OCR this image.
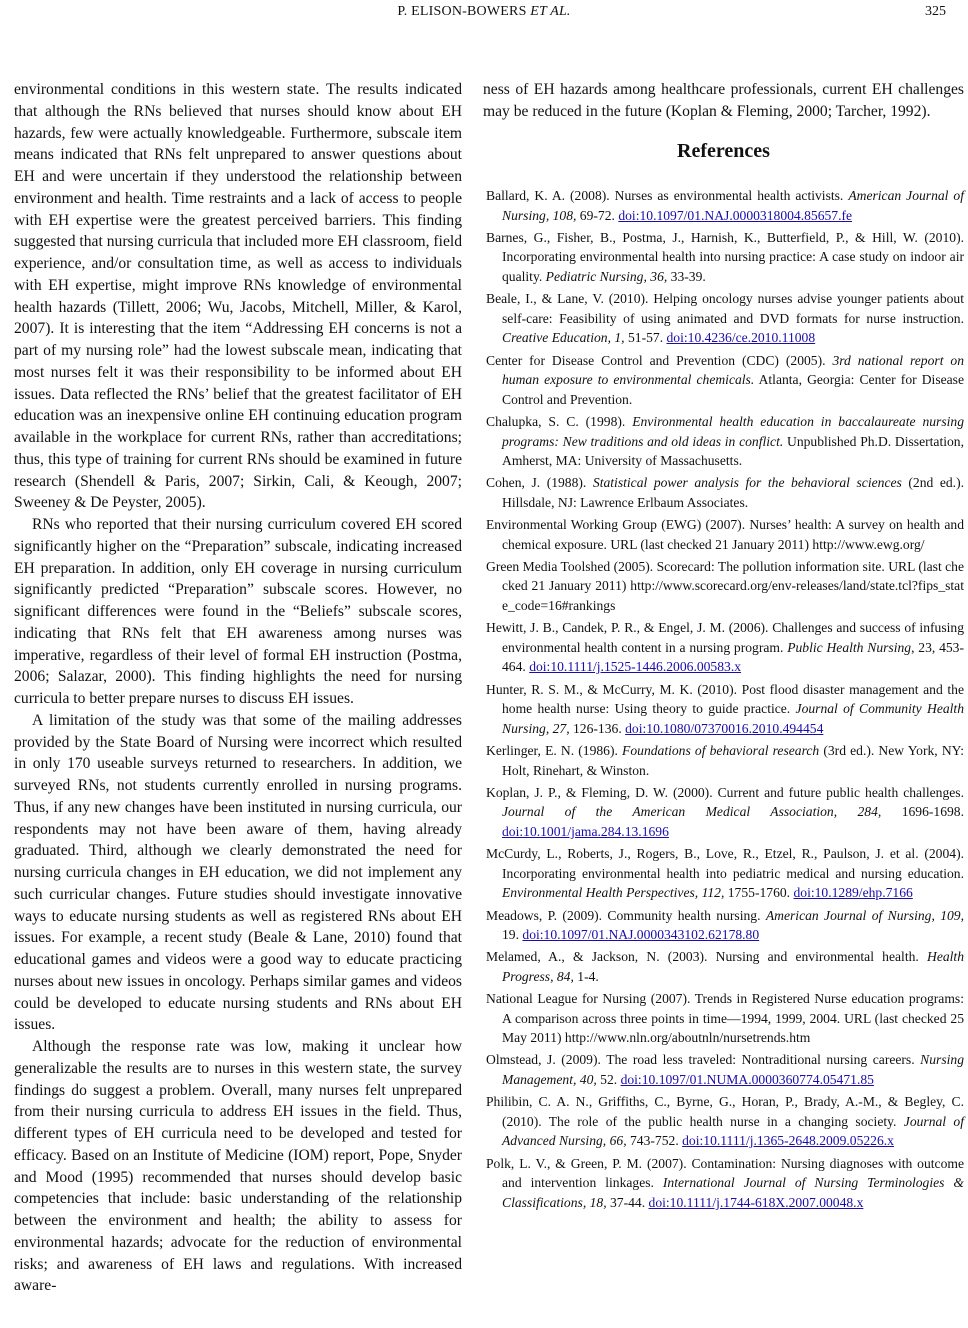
P. ELISON-BOWERS ET AL.	325

environmental conditions in this western state. The results indicated that although the RNs believed that nurses should know about EH hazards, few were actually knowledgeable. Furthermore, subscale item means indicated that RNs felt unprepared to answer questions about EH and were uncertain if they understood the relationship between environment and health. Time restraints and a lack of access to people with EH expertise were the greatest perceived barriers. This finding suggested that nursing curricula that included more EH classroom, field experience, and/or consultation time, as well as access to individuals with EH expertise, might improve RNs knowledge of environmental health hazards (Tillett, 2006; Wu, Jacobs, Mitchell, Miller, & Karol, 2007). It is interesting that the item “Addressing EH concerns is not a part of my nursing role” had the lowest subscale mean, indicating that most nurses felt it was their responsibility to be informed about EH issues. Data reflected the RNs’ belief that the greatest facilitator of EH education was an inexpensive online EH continuing education program available in the workplace for current RNs, rather than accreditations; thus, this type of training for current RNs should be examined in future research (Shendell & Paris, 2007; Sirkin, Cali, & Keough, 2007; Sweeney & De Peyster, 2005).

RNs who reported that their nursing curriculum covered EH scored significantly higher on the “Preparation” subscale, indicating increased EH preparation. In addition, only EH coverage in nursing curriculum significantly predicted “Preparation” subscale scores. However, no significant differences were found in the “Beliefs” subscale scores, indicating that RNs felt that EH awareness among nurses was imperative, regardless of their level of formal EH instruction (Postma, 2006; Salazar, 2000). This finding highlights the need for nursing curricula to better prepare nurses to discuss EH issues.

A limitation of the study was that some of the mailing addresses provided by the State Board of Nursing were incorrect which resulted in only 170 useable surveys returned to researchers. In addition, we surveyed RNs, not students currently enrolled in nursing programs. Thus, if any new changes have been instituted in nursing curricula, our respondents may not have been aware of them, having already graduated. Third, although we clearly demonstrated the need for nursing curricula changes in EH education, we did not implement any such curricular changes. Future studies should investigate innovative ways to educate nursing students as well as registered RNs about EH issues. For example, a recent study (Beale & Lane, 2010) found that educational games and videos were a good way to educate practicing nurses about new issues in oncology. Perhaps similar games and videos could be developed to educate nursing students and RNs about EH issues.

Although the response rate was low, making it unclear how generalizable the results are to nurses in this western state, the survey findings do suggest a problem. Overall, many nurses felt unprepared from their nursing curricula to address EH issues in the field. Thus, different types of EH curricula need to be developed and tested for efficacy. Based on an Institute of Medicine (IOM) report, Pope, Snyder and Mood (1995) recommended that nurses should develop basic competencies that include: basic understanding of the relationship between the environment and health; the ability to assess for environmental hazards; advocate for the reduction of environmental risks; and awareness of EH laws and regulations. With increased aware-

ness of EH hazards among healthcare professionals, current EH challenges may be reduced in the future (Koplan & Fleming, 2000; Tarcher, 1992).

References
Ballard, K. A. (2008). Nurses as environmental health activists. American Journal of Nursing, 108, 69-72. doi:10.1097/01.NAJ.0000318004.85657.fe
Barnes, G., Fisher, B., Postma, J., Harnish, K., Butterfield, P., & Hill, W. (2010). Incorporating environmental health into nursing practice: A case study on indoor air quality. Pediatric Nursing, 36, 33-39.
Beale, I., & Lane, V. (2010). Helping oncology nurses advise younger patients about self-care: Feasibility of using animated and DVD formats for nurse instruction. Creative Education, 1, 51-57. doi:10.4236/ce.2010.11008
Center for Disease Control and Prevention (CDC) (2005). 3rd national report on human exposure to environmental chemicals. Atlanta, Georgia: Center for Disease Control and Prevention.
Chalupka, S. C. (1998). Environmental health education in baccalaureate nursing programs: New traditions and old ideas in conflict. Unpublished Ph.D. Dissertation, Amherst, MA: University of Massachusetts.
Cohen, J. (1988). Statistical power analysis for the behavioral sciences (2nd ed.). Hillsdale, NJ: Lawrence Erlbaum Associates.
Environmental Working Group (EWG) (2007). Nurses’ health: A survey on health and chemical exposure. URL (last checked 21 January 2011) http://www.ewg.org/
Green Media Toolshed (2005). Scorecard: The pollution information site. URL (last checked 21 January 2011) http://www.scorecard.org/env-releases/land/state.tcl?fips_state_code=16#rankings
Hewitt, J. B., Candek, P. R., & Engel, J. M. (2006). Challenges and success of infusing environmental health content in a nursing program. Public Health Nursing, 23, 453-464. doi:10.1111/j.1525-1446.2006.00583.x
Hunter, R. S. M., & McCurry, M. K. (2010). Post flood disaster management and the home health nurse: Using theory to guide practice. Journal of Community Health Nursing, 27, 126-136. doi:10.1080/07370016.2010.494454
Kerlinger, E. N. (1986). Foundations of behavioral research (3rd ed.). New York, NY: Holt, Rinehart, & Winston.
Koplan, J. P., & Fleming, D. W. (2000). Current and future public health challenges. Journal of the American Medical Association, 284, 1696-1698. doi:10.1001/jama.284.13.1696
McCurdy, L., Roberts, J., Rogers, B., Love, R., Etzel, R., Paulson, J. et al. (2004). Incorporating environmental health into pediatric medical and nursing education. Environmental Health Perspectives, 112, 1755-1760. doi:10.1289/ehp.7166
Meadows, P. (2009). Community health nursing. American Journal of Nursing, 109, 19. doi:10.1097/01.NAJ.0000343102.62178.80
Melamed, A., & Jackson, N. (2003). Nursing and environmental health. Health Progress, 84, 1-4.
National League for Nursing (2007). Trends in Registered Nurse education programs: A comparison across three points in time—1994, 1999, 2004. URL (last checked 25 May 2011) http://www.nln.org/aboutnln/nursetrends.htm
Olmstead, J. (2009). The road less traveled: Nontraditional nursing careers. Nursing Management, 40, 52. doi:10.1097/01.NUMA.0000360774.05471.85
Philibin, C. A. N., Griffiths, C., Byrne, G., Horan, P., Brady, A.-M., & Begley, C. (2010). The role of the public health nurse in a changing society. Journal of Advanced Nursing, 66, 743-752. doi:10.1111/j.1365-2648.2009.05226.x
Polk, L. V., & Green, P. M. (2007). Contamination: Nursing diagnoses with outcome and intervention linkages. International Journal of Nursing Terminologies & Classifications, 18, 37-44. doi:10.1111/j.1744-618X.2007.00048.x
